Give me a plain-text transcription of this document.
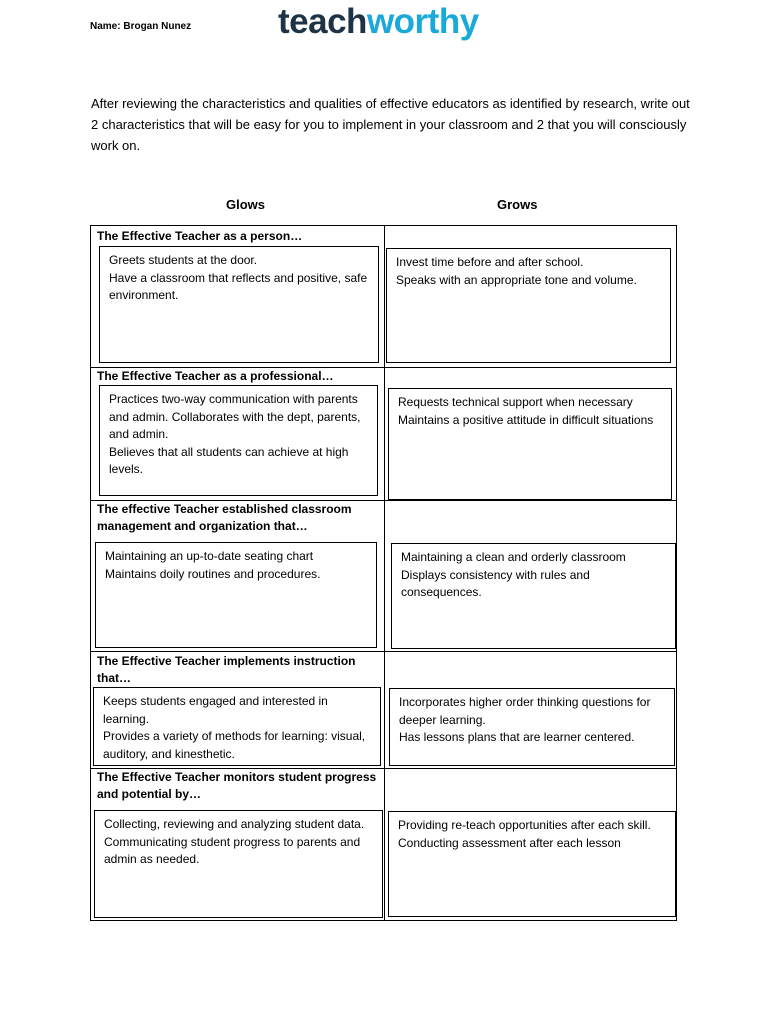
Name: Brogan Nunez teachworthy
After reviewing the characteristics and qualities of effective educators as identified by research, write out 2 characteristics that will be easy for you to implement in your classroom and 2 that you will consciously work on.
Glows	Grows
The Effective Teacher as a person…
Greets students at the door.
Have a classroom that reflects and positive, safe environment.
Invest time before and after school.
Speaks with an appropriate tone and volume.
The Effective Teacher as a professional…
Practices two-way communication with parents and admin. Collaborates with the dept, parents, and admin.
Believes that all students can achieve at high levels.
Requests technical support when necessary
Maintains a positive attitude in difficult situations
The effective Teacher established classroom management and organization that…
Maintaining an up-to-date seating chart
Maintains doily routines and procedures.
Maintaining a clean and orderly classroom
Displays consistency with rules and consequences.
The Effective Teacher implements instruction that…
Keeps students engaged and interested in learning.
Provides a variety of methods for learning: visual, auditory, and kinesthetic.
Incorporates higher order thinking questions for deeper learning.
Has lessons plans that are learner centered.
The Effective Teacher monitors student progress and potential by…
Collecting, reviewing and analyzing student data.
Communicating student progress to parents and admin as needed.
Providing re-teach opportunities after each skill.
Conducting assessment after each lesson
